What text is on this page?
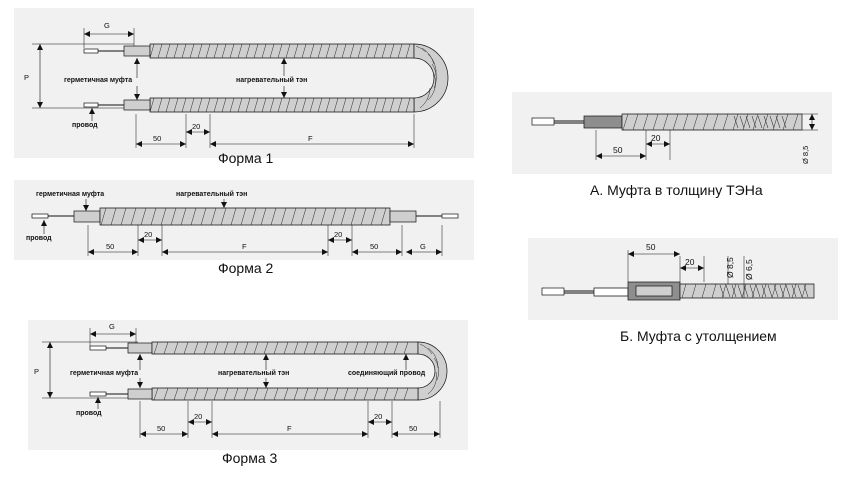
P
G
герметичная муфта	нагревательный тэн
провод
50
20
F
Форма 1
герметичная муфта	нагревательный тэн
провод
50
20
F
20
50	G
Форма 2
P
G
герметичная муфта	нагревательный тэн	соединяющий провод
провод
50
20
F
20
50
Форма 3
Ø 8,5
50
20
А. Муфта в толщину ТЭНа
50
20	Ø 8,5 Ø 6,5
Б. Муфта с утолщением
